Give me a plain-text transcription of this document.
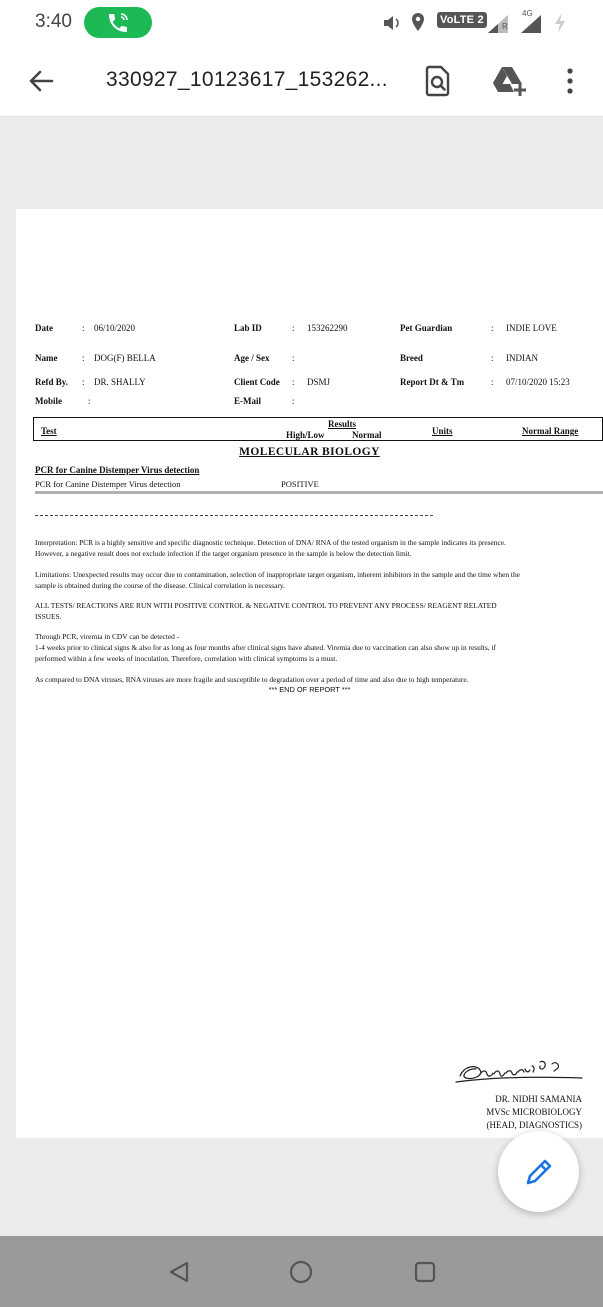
3:40	VoLTE 2
R
4G
330927_10123617_153262...
Date	: 06/10/2020	Lab ID	: 153262290	Pet Guardian	: INDIE LOVE
Name	: DOG(F) BELLA	Age / Sex	:	Breed	: INDIAN
Refd By. : DR. SHALLY	Client Code : DSMJ	Report Dt & Tm	: 07/10/2020 15:23
Mobile	:	E-Mail	:
Test
Results
High/Low	Normal	Units	Normal Range
MOLECULAR BIOLOGY
PCR for Canine Distemper Virus detection
PCR for Canine Distemper Virus detection	POSITIVE
Interpretation: PCR is a highly sensitive and specific diagnostic technique. Detection of DNA/ RNA of the tested organism in the sample indicates its presence. However, a negative result does not exclude infection if the target organism presence in the sample is below the detection limit.
Limitations: Unexpected results may occur due to contamination, selection of inappropriate target organism, inherent inhibitors in the sample and the time when the sample is obtained during the course of the disease. Clinical correlation is necessary.
ALL TESTS/ REACTIONS ARE RUN WITH POSITIVE CONTROL & NEGATIVE CONTROL TO PREVENT ANY PROCESS/ REAGENT RELATED ISSUES.
Through PCR, viremia in CDV can be detected -
1-4 weeks prior to clinical signs & also for as long as four months after clinical signs have abated. Viremia due to vaccination can also show up in results, if performed within a few weeks of inoculation. Therefore, correlation with clinical symptoms is a must.
As compared to DNA viruses, RNA viruses are more fragile and susceptible to degradation over a period of time and also due to high temperature.
*** END OF REPORT ***
DR. NIDHI SAMANIA
MVSc MICROBIOLOGY
(HEAD, DIAGNOSTICS)
